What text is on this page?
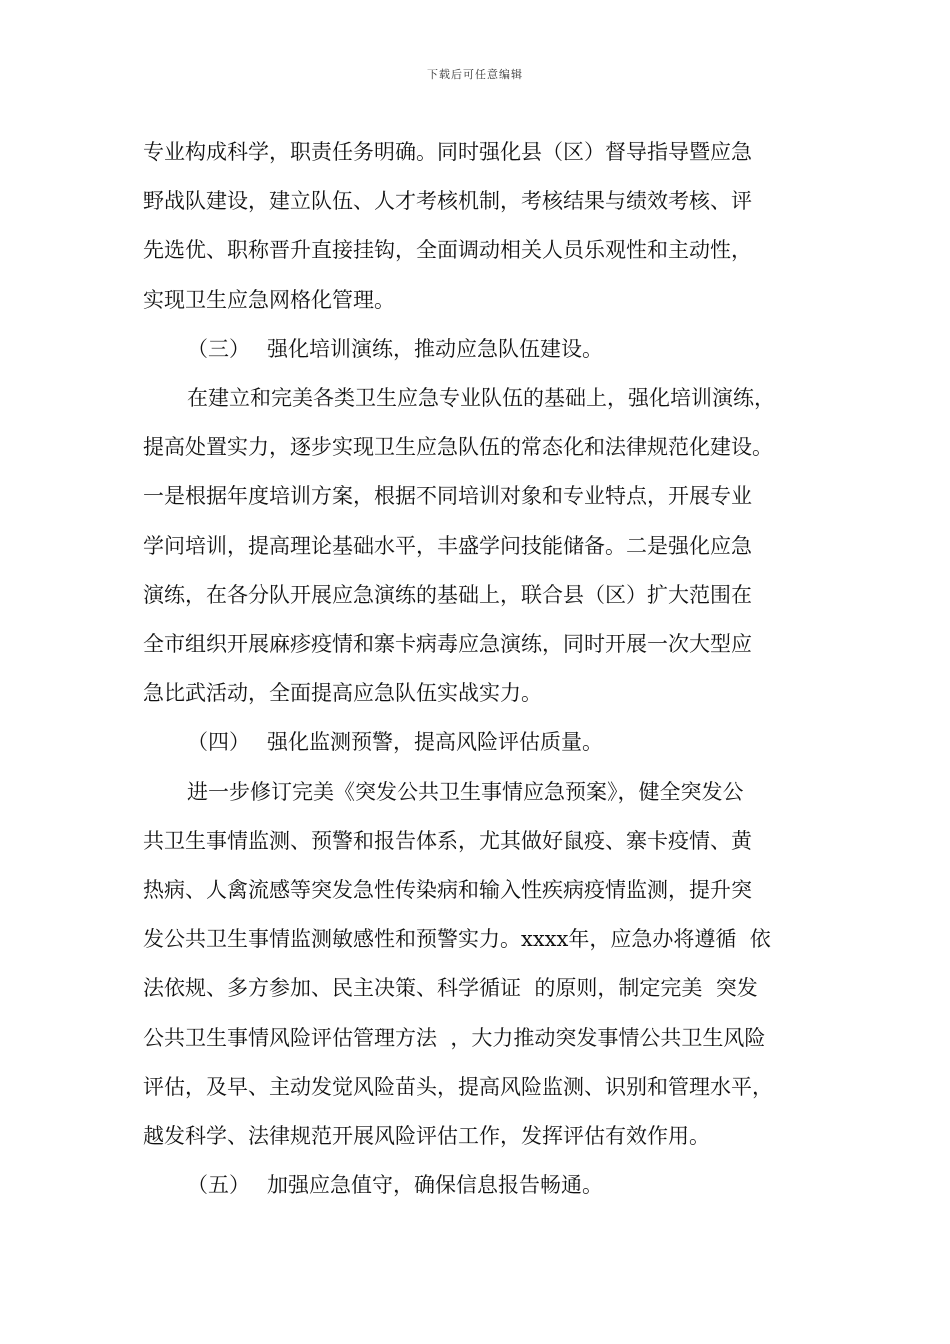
下载后可任意编辑

专业构成科学，职责任务明确。同时强化县（区）督导指导暨应急
野战队建设，建立队伍、人才考核机制，考核结果与绩效考核、评
先选优、职称晋升直接挂钩，全面调动相关人员乐观性和主动性，
实现卫生应急网格化管理。

（三） 强化培训演练，推动应急队伍建设。

在建立和完美各类卫生应急专业队伍的基础上，强化培训演练，
提高处置实力，逐步实现卫生应急队伍的常态化和法律规范化建设。
一是根据年度培训方案，根据不同培训对象和专业特点，开展专业
学问培训，提高理论基础水平，丰盛学问技能储备。二是强化应急
演练，在各分队开展应急演练的基础上，联合县（区）扩大范围在
全市组织开展麻疹疫情和寨卡病毒应急演练，同时开展一次大型应
急比武活动，全面提高应急队伍实战实力。

（四） 强化监测预警，提高风险评估质量。

进一步修订完美《突发公共卫生事情应急预案》，健全突发公
共卫生事情监测、预警和报告体系，尤其做好鼠疫、寨卡疫情、黄
热病、人禽流感等突发急性传染病和输入性疾病疫情监测，提升突
发公共卫生事情监测敏感性和预警实力。xxxx年，应急办将遵循  依
法依规、多方参加、民主决策、科学循证  的原则，制定完美  突发
公共卫生事情风险评估管理方法  ，大力推动突发事情公共卫生风险
评估，及早、主动发觉风险苗头，提高风险监测、识别和管理水平，
越发科学、法律规范开展风险评估工作，发挥评估有效作用。

（五） 加强应急值守，确保信息报告畅通。
